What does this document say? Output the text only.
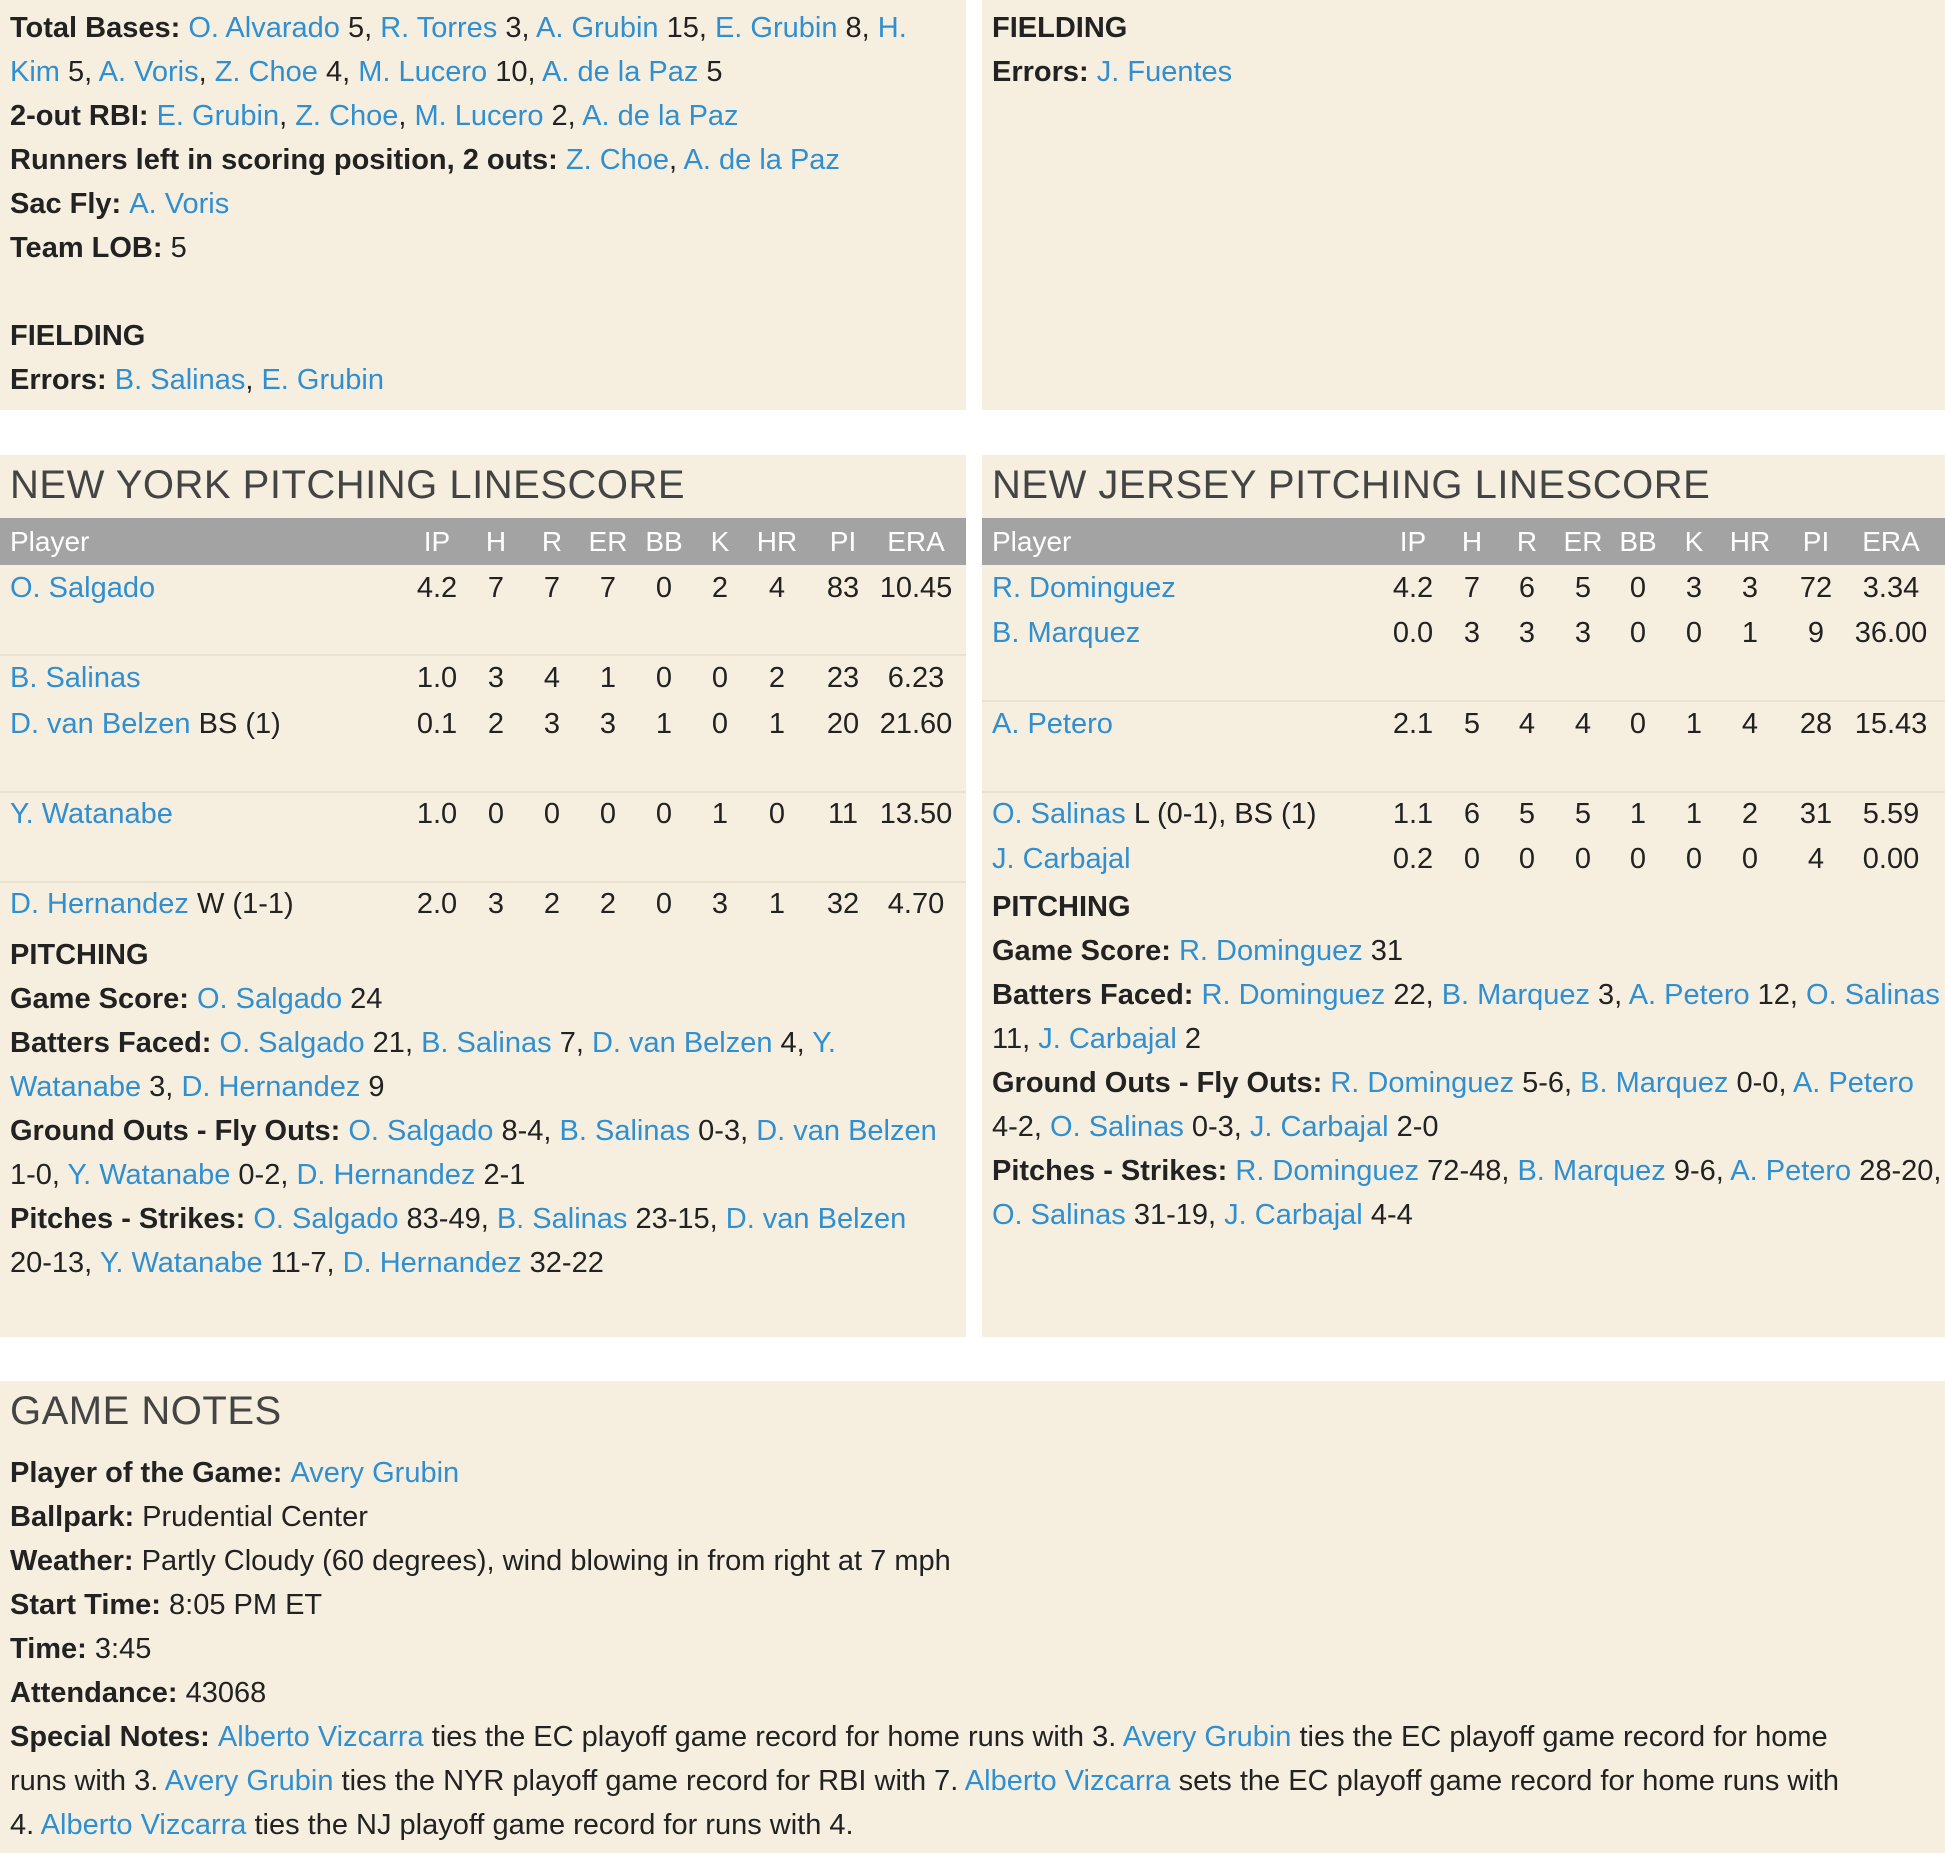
Total Bases: O. Alvarado 5, R. Torres 3, A. Grubin 15, E. Grubin 8, H.
Kim 5, A. Voris, Z. Choe 4, M. Lucero 10, A. de la Paz 5
2-out RBI: E. Grubin, Z. Choe, M. Lucero 2, A. de la Paz
Runners left in scoring position, 2 outs: Z. Choe, A. de la Paz
Sac Fly: A. Voris
Team LOB: 5
FIELDING
Errors: B. Salinas, E. Grubin
FIELDING
Errors: J. Fuentes
NEW YORK PITCHING LINESCORE
Player	IP	H	R ER BB K HR	PI	ERA
O. Salgado	4.2	7	7	7	0	2	4	83 10.45
B. Salinas	1.0	3	4	1	0	0	2	23 6.23
D. van Belzen BS (1)	0.1	2	3	3	1	0	1	20 21.60
Y. Watanabe	1.0	0	0	0	0	1	0	11 13.50
D. Hernandez W (1-1)	2.0	3	2	2	0	3	1	32 4.70
PITCHING
Game Score: O. Salgado 24
Batters Faced: O. Salgado 21, B. Salinas 7, D. van Belzen 4, Y.
Watanabe 3, D. Hernandez 9
Ground Outs - Fly Outs: O. Salgado 8-4, B. Salinas 0-3, D. van Belzen
1-0, Y. Watanabe 0-2, D. Hernandez 2-1
Pitches - Strikes: O. Salgado 83-49, B. Salinas 23-15, D. van Belzen
20-13, Y. Watanabe 11-7, D. Hernandez 32-22
NEW JERSEY PITCHING LINESCORE
Player	IP	H	R ER BB K HR	PI	ERA
R. Dominguez	4.2	7	6	5	0	3	3	72	3.34
B. Marquez	0.0	3	3	3	0	0	1	9	36.00
A. Petero	2.1	5	4	4	0	1	4	28 15.43
O. Salinas L (0-1), BS (1)	1.1	6	5	5	1	1	2	31	5.59
J. Carbajal	0.2	0	0	0	0	0	0	4	0.00
PITCHING
Game Score: R. Dominguez 31
Batters Faced: R. Dominguez 22, B. Marquez 3, A. Petero 12, O. Salinas
11, J. Carbajal 2
Ground Outs - Fly Outs: R. Dominguez 5-6, B. Marquez 0-0, A. Petero
4-2, O. Salinas 0-3, J. Carbajal 2-0
Pitches - Strikes: R. Dominguez 72-48, B. Marquez 9-6, A. Petero 28-20,
O. Salinas 31-19, J. Carbajal 4-4
GAME NOTES
Player of the Game: Avery Grubin
Ballpark: Prudential Center
Weather: Partly Cloudy (60 degrees), wind blowing in from right at 7 mph
Start Time: 8:05 PM ET
Time: 3:45
Attendance: 43068
Special Notes: Alberto Vizcarra ties the EC playoff game record for home runs with 3. Avery Grubin ties the EC playoff game record for home
runs with 3. Avery Grubin ties the NYR playoff game record for RBI with 7. Alberto Vizcarra sets the EC playoff game record for home runs with
4. Alberto Vizcarra ties the NJ playoff game record for runs with 4.
